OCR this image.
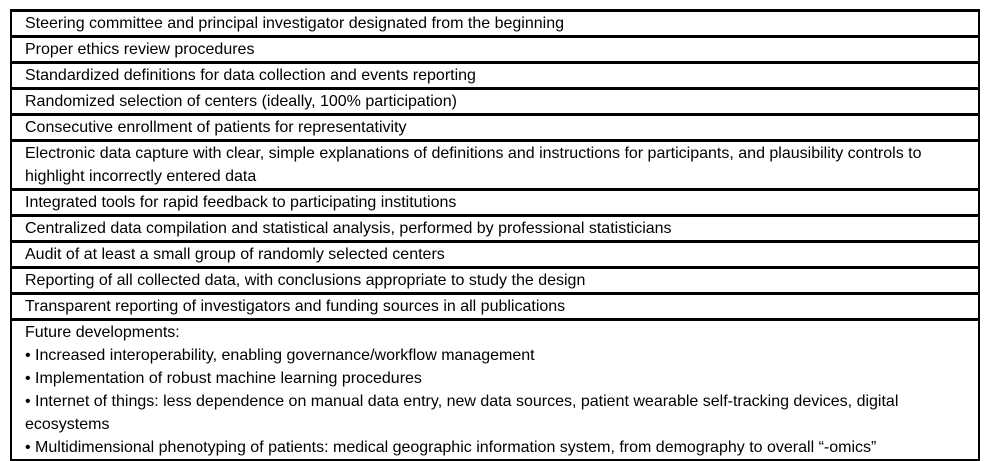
Steering committee and principal investigator designated from the beginning
Proper ethics review procedures
Standardized definitions for data collection and events reporting
Randomized selection of centers (ideally, 100% participation)
Consecutive enrollment of patients for representativity
Electronic data capture with clear, simple explanations of definitions and instructions for participants, and plausibility controls to highlight incorrectly entered data
Integrated tools for rapid feedback to participating institutions
Centralized data compilation and statistical analysis, performed by professional statisticians
Audit of at least a small group of randomly selected centers
Reporting of all collected data, with conclusions appropriate to study the design
Transparent reporting of investigators and funding sources in all publications
Future developments:
• Increased interoperability, enabling governance/workflow management
• Implementation of robust machine learning procedures
• Internet of things: less dependence on manual data entry, new data sources, patient wearable self-tracking devices, digital ecosystems
• Multidimensional phenotyping of patients: medical geographic information system, from demography to overall “-omics”
